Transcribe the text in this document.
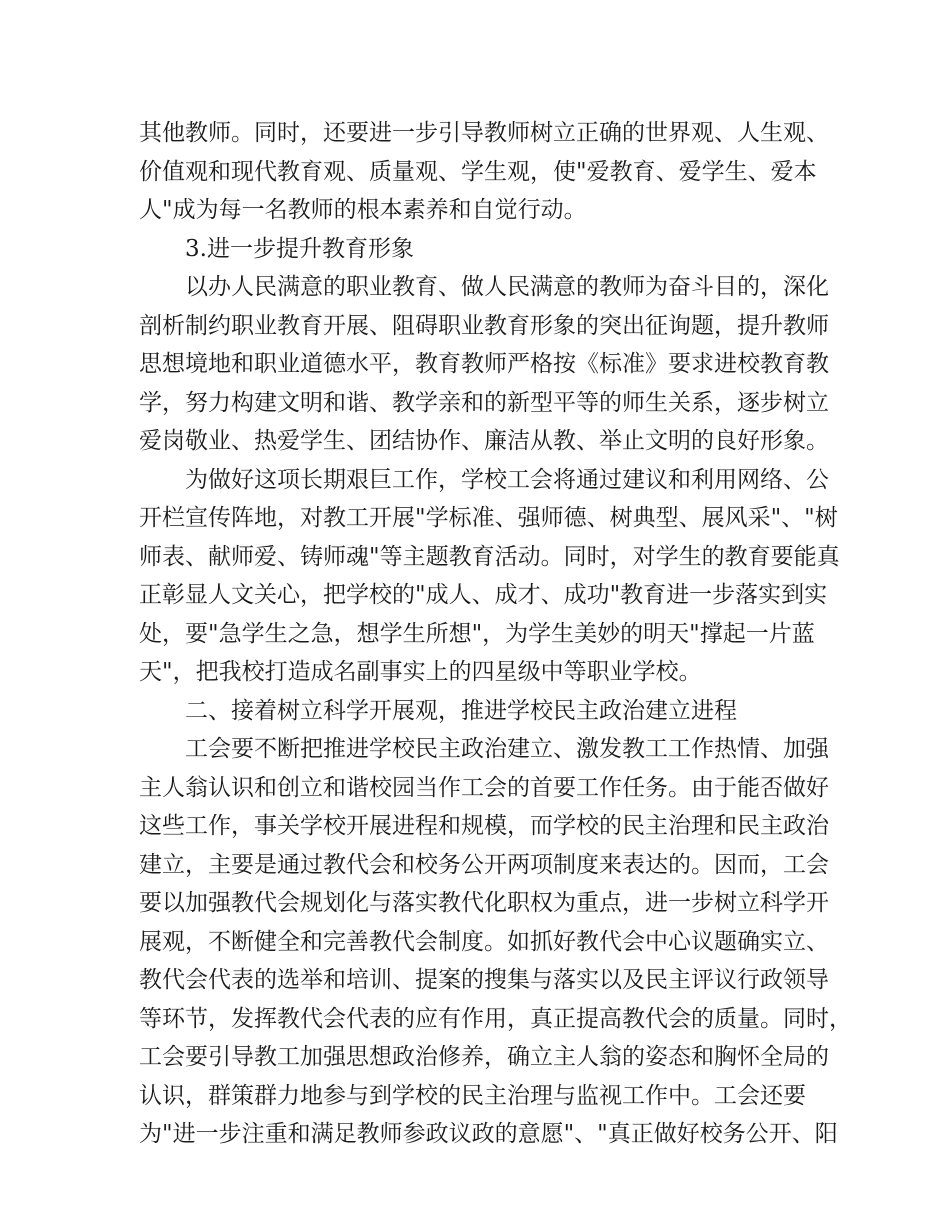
其他教师。同时，还要进一步引导教师树立正确的世界观、人生观、
价值观和现代教育观、质量观、学生观，使"爱教育、爱学生、爱本
人"成为每一名教师的根本素养和自觉行动。
3.进一步提升教育形象
以办人民满意的职业教育、做人民满意的教师为奋斗目的，深化
剖析制约职业教育开展、阻碍职业教育形象的突出征询题，提升教师
思想境地和职业道德水平，教育教师严格按《标准》要求进校教育教
学，努力构建文明和谐、教学亲和的新型平等的师生关系，逐步树立
爱岗敬业、热爱学生、团结协作、廉洁从教、举止文明的良好形象。
为做好这项长期艰巨工作，学校工会将通过建议和利用网络、公
开栏宣传阵地，对教工开展"学标准、强师德、树典型、展风采"、"树
师表、献师爱、铸师魂"等主题教育活动。同时，对学生的教育要能真
正彰显人文关心，把学校的"成人、成才、成功"教育进一步落实到实
处，要"急学生之急，想学生所想"，为学生美妙的明天"撑起一片蓝
天"，把我校打造成名副事实上的四星级中等职业学校。
二、接着树立科学开展观，推进学校民主政治建立进程
工会要不断把推进学校民主政治建立、激发教工工作热情、加强
主人翁认识和创立和谐校园当作工会的首要工作任务。由于能否做好
这些工作，事关学校开展进程和规模，而学校的民主治理和民主政治
建立，主要是通过教代会和校务公开两项制度来表达的。因而，工会
要以加强教代会规划化与落实教代化职权为重点，进一步树立科学开
展观，不断健全和完善教代会制度。如抓好教代会中心议题确实立、
教代会代表的选举和培训、提案的搜集与落实以及民主评议行政领导
等环节，发挥教代会代表的应有作用，真正提高教代会的质量。同时，
工会要引导教工加强思想政治修养，确立主人翁的姿态和胸怀全局的
认识，群策群力地参与到学校的民主治理与监视工作中。工会还要
为"进一步注重和满足教师参政议政的意愿"、"真正做好校务公开、阳
